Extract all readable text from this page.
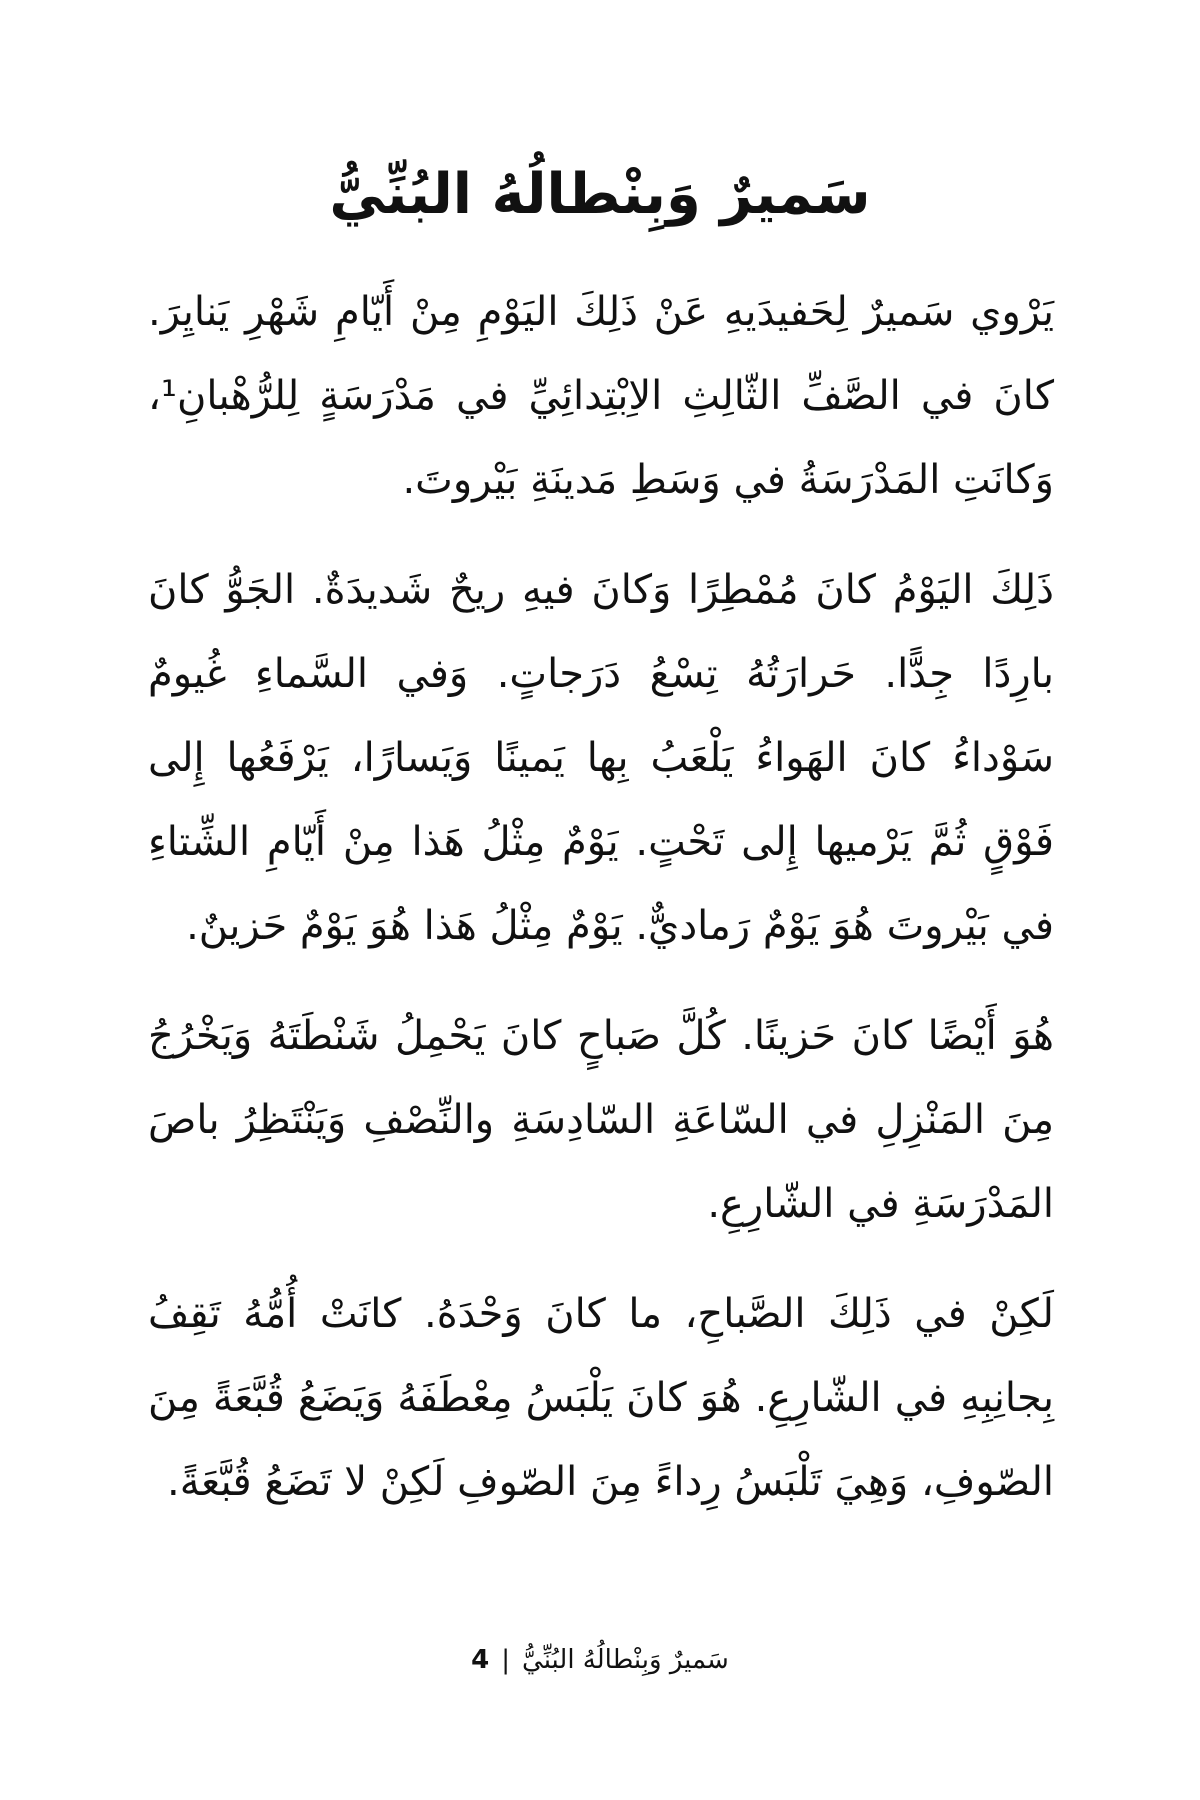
سَميرٌ وَبِنْطالُهُ البُنِّيُّ

يَرْوي سَميرٌ لِحَفيدَيهِ عَنْ ذَلِكَ اليَوْمِ مِنْ أَيّامِ شَهْرِ يَنايِرَ. كانَ في الصَّفِّ الثّالِثِ الاِبْتِدائِيِّ في مَدْرَسَةٍ لِلرُّهْبانِ¹، وَكانَتِ المَدْرَسَةُ في وَسَطِ مَدينَةِ بَيْروتَ.

ذَلِكَ اليَوْمُ كانَ مُمْطِرًا وَكانَ فيهِ ريحٌ شَديدَةٌ. الجَوُّ كانَ بارِدًا جِدًّا. حَرارَتُهُ تِسْعُ دَرَجاتٍ. وَفي السَّماءِ غُيومٌ سَوْداءُ كانَ الهَواءُ يَلْعَبُ بِها يَمينًا وَيَسارًا، يَرْفَعُها إِلى فَوْقٍ ثُمَّ يَرْميها إِلى تَحْتٍ. يَوْمٌ مِثْلُ هَذا مِنْ أَيّامِ الشِّتاءِ في بَيْروتَ هُوَ يَوْمٌ رَماديٌّ. يَوْمٌ مِثْلُ هَذا هُوَ يَوْمٌ حَزينٌ.

هُوَ أَيْضًا كانَ حَزينًا. كُلَّ صَباحٍ كانَ يَحْمِلُ شَنْطَتَهُ وَيَخْرُجُ مِنَ المَنْزِلِ في السّاعَةِ السّادِسَةِ والنِّصْفِ وَيَنْتَظِرُ باصَ المَدْرَسَةِ في الشّارِعِ.

لَكِنْ في ذَلِكَ الصَّباحِ، ما كانَ وَحْدَهُ. كانَتْ أُمُّهُ تَقِفُ بِجانِبِهِ في الشّارِعِ. هُوَ كانَ يَلْبَسُ مِعْطَفَهُ وَيَضَعُ قُبَّعَةً مِنَ الصّوفِ، وَهِيَ تَلْبَسُ رِداءً مِنَ الصّوفِ لَكِنْ لا تَضَعُ قُبَّعَةً.

سَميرٌ وَبِنْطالُهُ البُنِّيُّ|4
